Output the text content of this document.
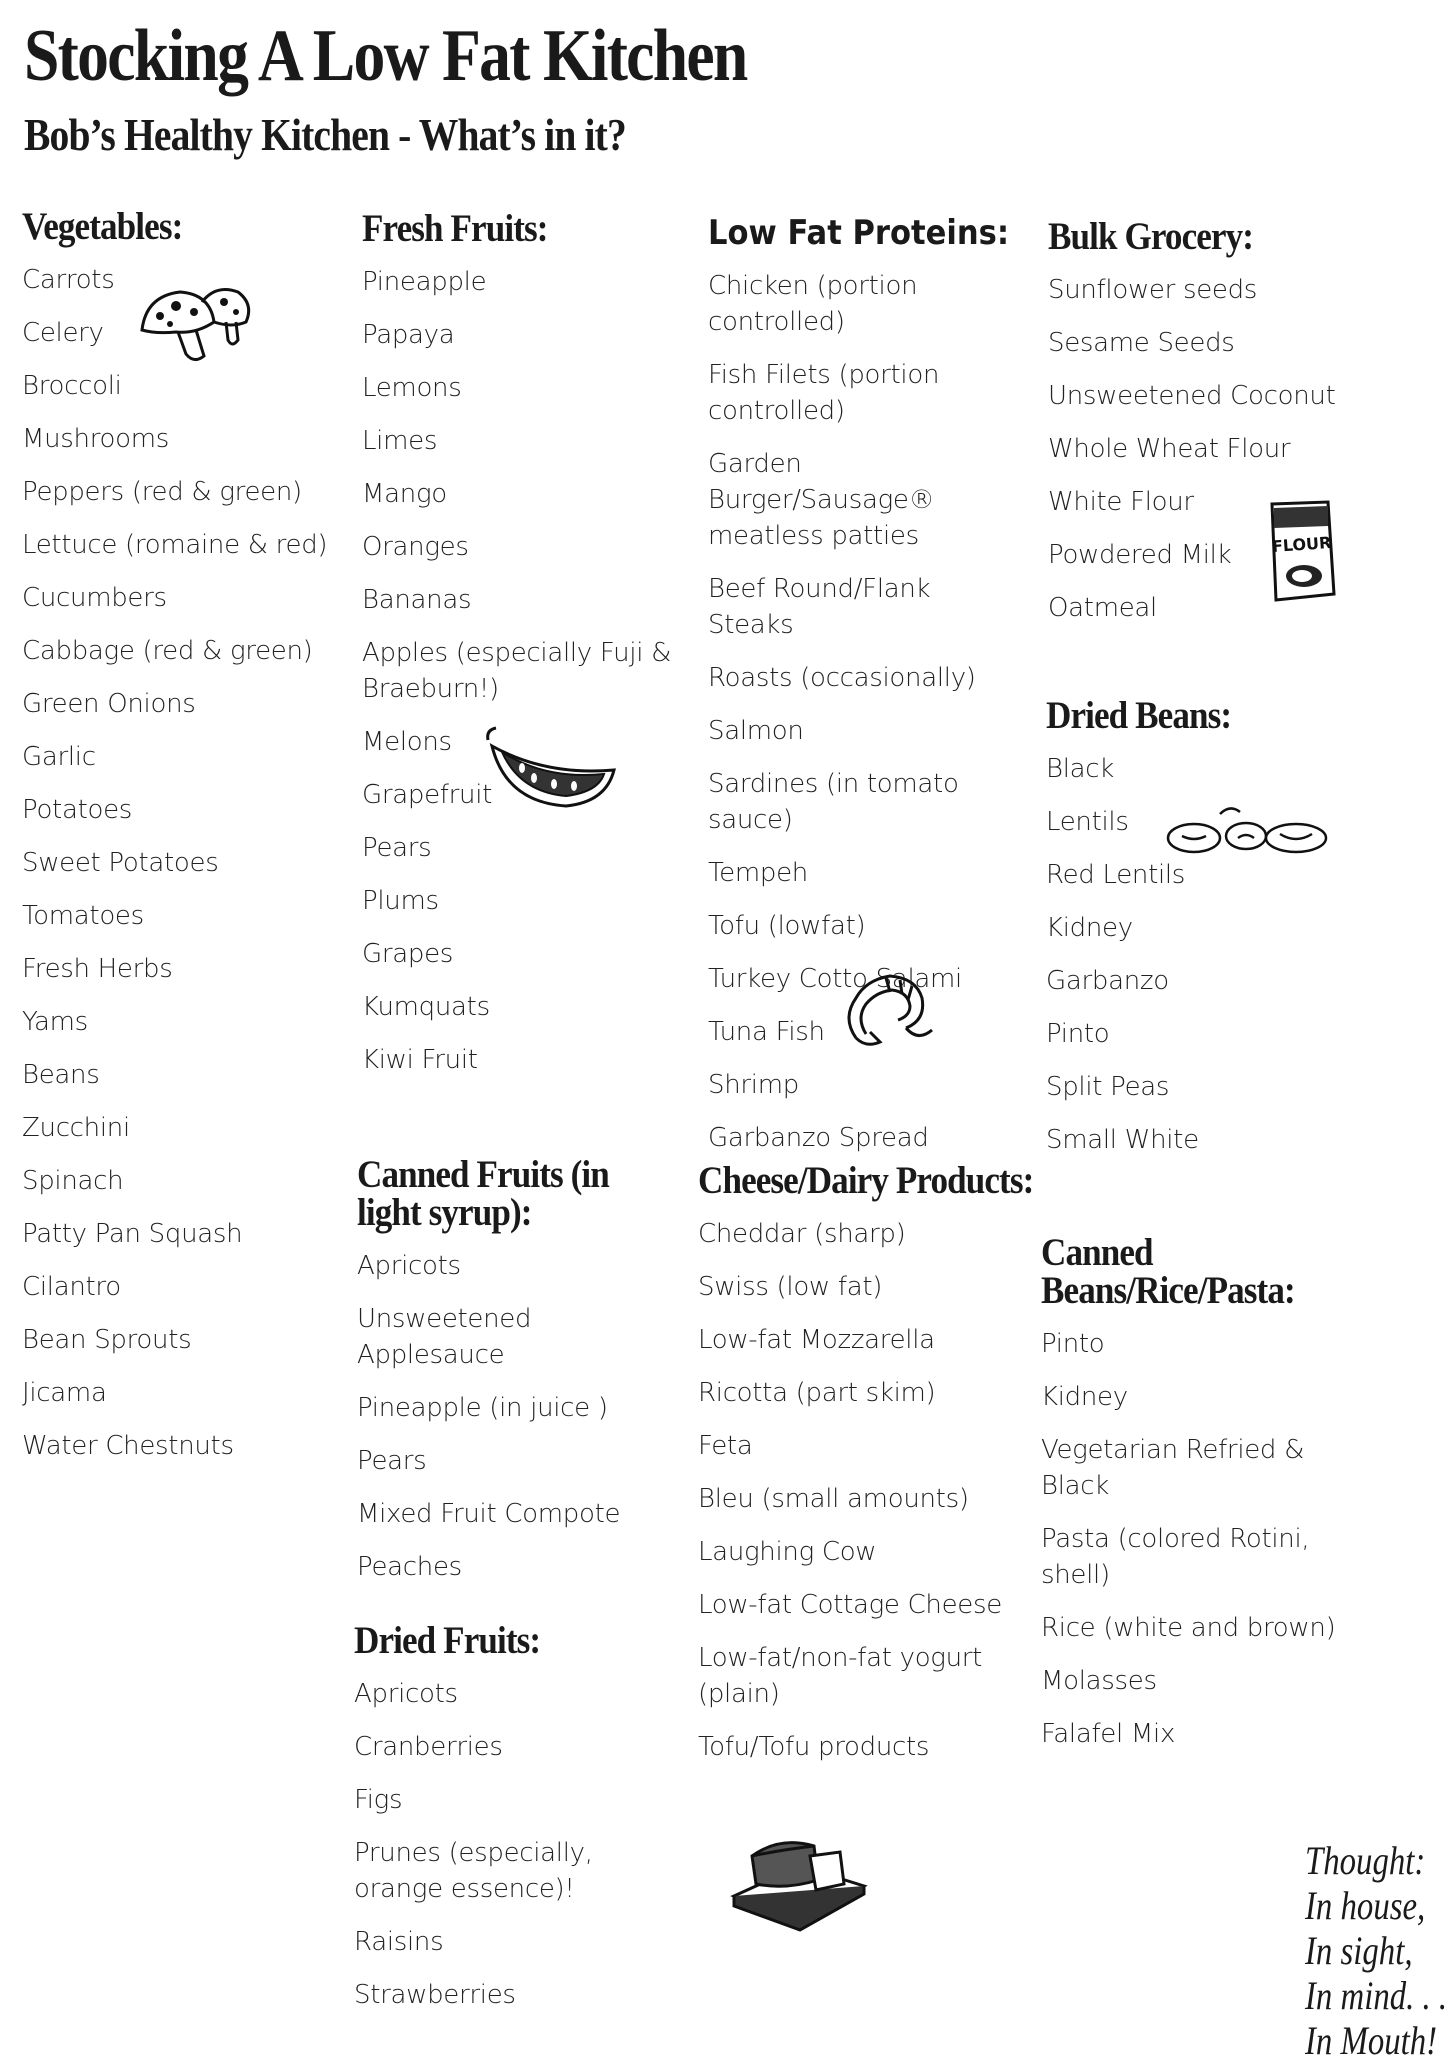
Stocking A Low Fat Kitchen
Bob’s Healthy Kitchen - What’s in it?
Vegetables:
Carrots
Celery
Broccoli
Mushrooms
Peppers (red & green)
Lettuce (romaine & red)
Cucumbers
Cabbage (red & green)
Green Onions
Garlic
Potatoes
Sweet Potatoes
Tomatoes
Fresh Herbs
Yams
Beans
Zucchini
Spinach
Patty Pan Squash
Cilantro
Bean Sprouts
Jicama
Water Chestnuts
Fresh Fruits:
Pineapple
Papaya
Lemons
Limes
Mango
Oranges
Bananas
Apples (especially Fuji & Braeburn!)
Melons
Grapefruit
Pears
Plums
Grapes
Kumquats
Kiwi Fruit
Canned Fruits (in light syrup):
Apricots
Unsweetened Applesauce
Pineapple (in juice )
Pears
Mixed Fruit Compote
Peaches
Dried Fruits:
Apricots
Cranberries
Figs
Prunes (especially, orange essence)!
Raisins
Strawberries
Low Fat Proteins:
Chicken (portion controlled)
Fish Filets (portion controlled)
Garden Burger/Sausage® meatless patties
Beef Round/Flank Steaks
Roasts (occasionally)
Salmon
Sardines (in tomato sauce)
Tempeh
Tofu (lowfat)
Turkey Cotto Salami
Tuna Fish
Shrimp
Garbanzo Spread
Cheese/Dairy Products:
Cheddar (sharp)
Swiss (low fat)
Low-fat Mozzarella
Ricotta (part skim)
Feta
Bleu (small amounts)
Laughing Cow
Low-fat Cottage Cheese
Low-fat/non-fat yogurt (plain)
Tofu/Tofu products
Bulk Grocery:
Sunflower seeds
Sesame Seeds
Unsweetened Coconut
Whole Wheat Flour
White Flour
Powdered Milk
Oatmeal
Dried Beans:
Black
Lentils
Red Lentils
Kidney
Garbanzo
Pinto
Split Peas
Small White
Canned Beans/Rice/Pasta:
Pinto
Kidney
Vegetarian Refried & Black
Pasta (colored Rotini, shell)
Rice (white and brown)
Molasses
Falafel Mix
Thought:
In house,
In sight,
In mind. . .
In Mouth!
FLOUR
